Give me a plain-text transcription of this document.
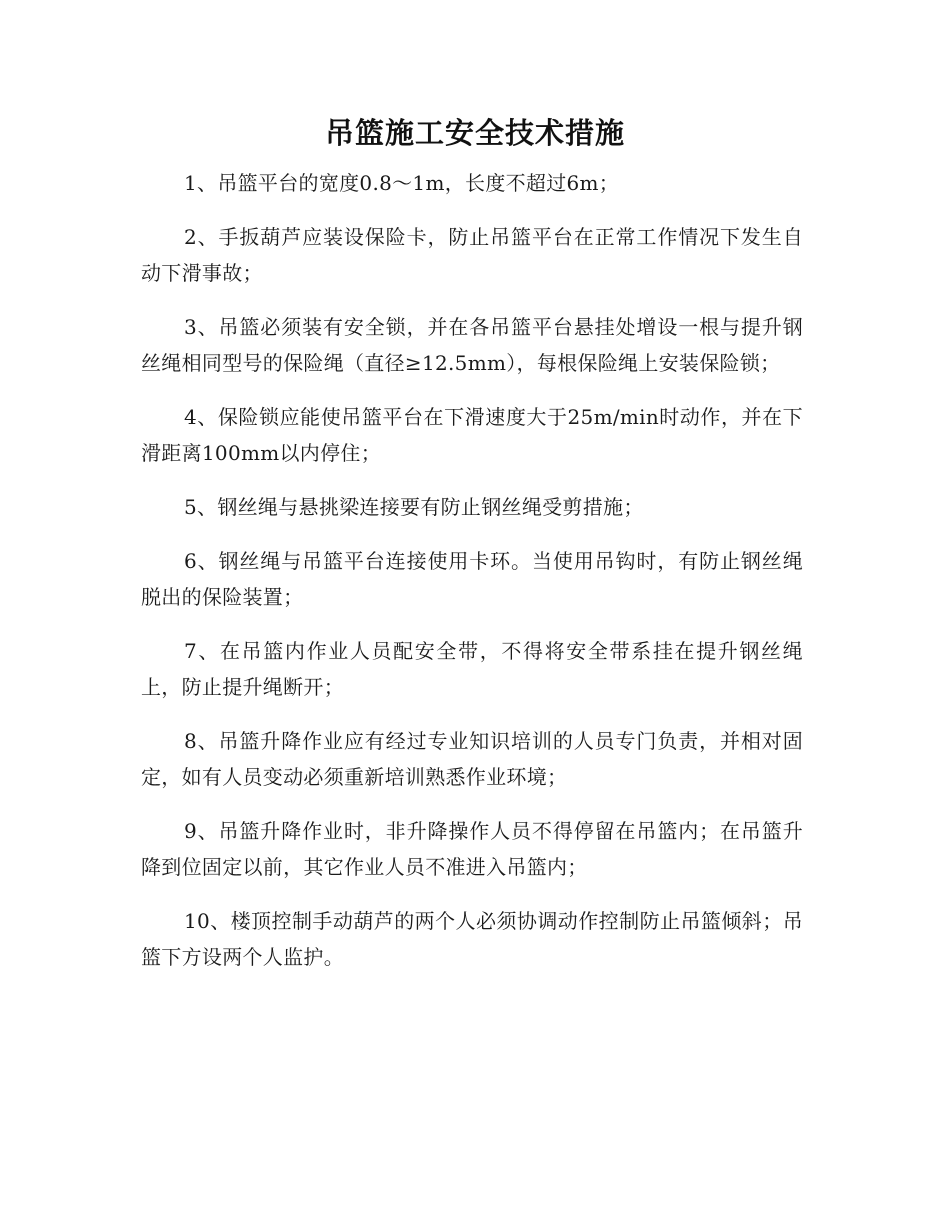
吊篮施工安全技术措施

1、吊篮平台的宽度0.8～1m，长度不超过6m；

2、手扳葫芦应装设保险卡，防止吊篮平台在正常工作情况下发生自动下滑事故；

3、吊篮必须装有安全锁，并在各吊篮平台悬挂处增设一根与提升钢丝绳相同型号的保险绳（直径≥12.5mm），每根保险绳上安装保险锁；

4、保险锁应能使吊篮平台在下滑速度大于25m/min时动作，并在下滑距离100mm以内停住；

5、钢丝绳与悬挑梁连接要有防止钢丝绳受剪措施；

6、钢丝绳与吊篮平台连接使用卡环。当使用吊钩时，有防止钢丝绳脱出的保险装置；

7、在吊篮内作业人员配安全带，不得将安全带系挂在提升钢丝绳上，防止提升绳断开；

8、吊篮升降作业应有经过专业知识培训的人员专门负责，并相对固定，如有人员变动必须重新培训熟悉作业环境；

9、吊篮升降作业时，非升降操作人员不得停留在吊篮内；在吊篮升降到位固定以前，其它作业人员不准进入吊篮内；

10、楼顶控制手动葫芦的两个人必须协调动作控制防止吊篮倾斜；吊篮下方设两个人监护。
